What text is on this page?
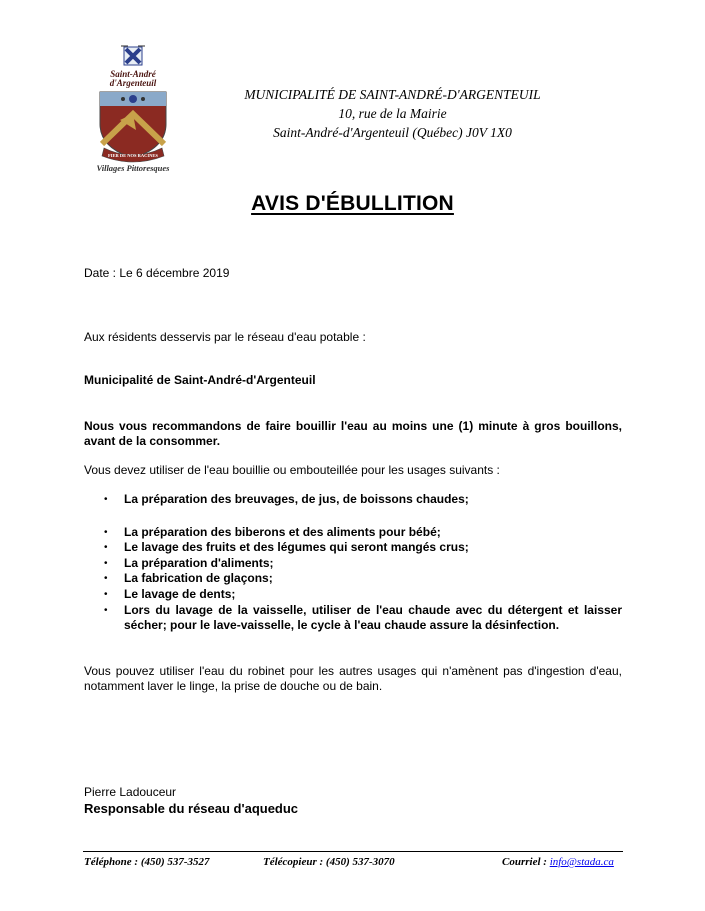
FIER DE NOS RACINES
Saint-André d'Argenteuil
Villages Pittoresques
MUNICIPALITÉ DE SAINT-ANDRÉ-D'ARGENTEUIL
10, rue de la Mairie
Saint-André-d'Argenteuil (Québec) J0V 1X0
AVIS D'ÉBULLITION
Date : Le 6 décembre 2019
Aux résidents desservis par le réseau d'eau potable :
Municipalité de Saint-André-d'Argenteuil
Nous vous recommandons de faire bouillir l'eau au moins une (1) minute à gros bouillons, avant de la consommer.
Vous devez utiliser de l'eau bouillie ou embouteillée pour les usages suivants :
• La préparation des breuvages, de jus, de boissons chaudes;
• La préparation des biberons et des aliments pour bébé;
• Le lavage des fruits et des légumes qui seront mangés crus;
• La préparation d'aliments;
• La fabrication de glaçons;
• Le lavage de dents;
• Lors du lavage de la vaisselle, utiliser de l'eau chaude avec du détergent et laisser sécher; pour le lave-vaisselle, le cycle à l'eau chaude assure la désinfection.
Vous pouvez utiliser l'eau du robinet pour les autres usages qui n'amènent pas d'ingestion d'eau, notamment laver le linge, la prise de douche ou de bain.
Pierre Ladouceur
Responsable du réseau d'aqueduc
Téléphone : (450) 537-3527	Télécopieur : (450) 537-3070	Courriel : info@stada.ca
